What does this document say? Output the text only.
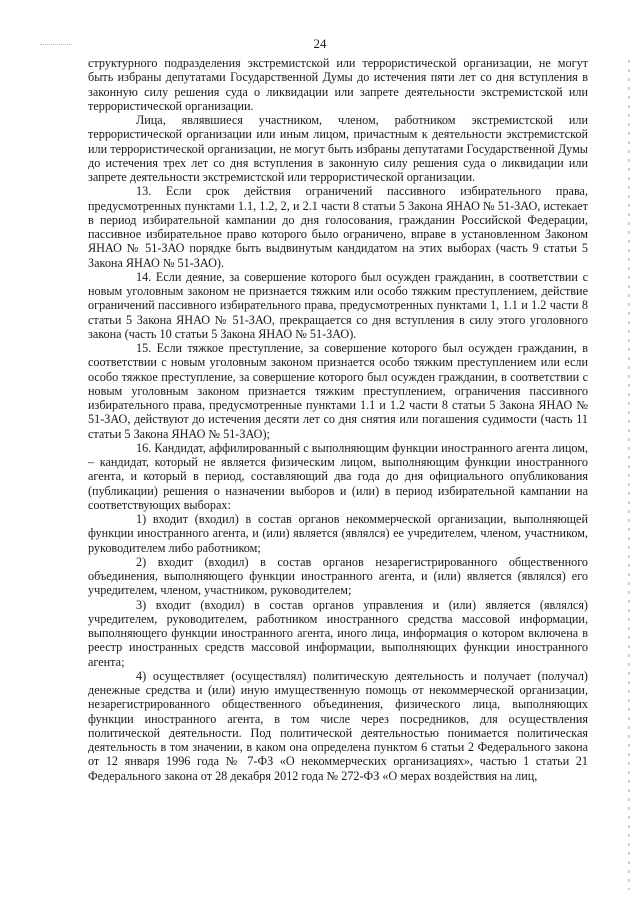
24

структурного подразделения экстремистской или террористической организации, не могут быть избраны депутатами Государственной Думы до истечения пяти лет со дня вступления в законную силу решения суда о ликвидации или запрете деятельности экстремистской или террористической организации.

Лица, являвшиеся участником, членом, работником экстремистской или террористической организации или иным лицом, причастным к деятельности экстремистской или террористической организации, не могут быть избраны депутатами Государственной Думы до истечения трех лет со дня вступления в законную силу решения суда о ликвидации или запрете деятельности экстремистской или террористической организации.

13. Если срок действия ограничений пассивного избирательного права, предусмотренных пунктами 1.1, 1.2, 2, и 2.1 части 8 статьи 5 Закона ЯНАО № 51-ЗАО, истекает в период избирательной кампании до дня голосования, гражданин Российской Федерации, пассивное избирательное право которого было ограничено, вправе в установленном Законом ЯНАО № 51-ЗАО порядке быть выдвинутым кандидатом на этих выборах (часть 9 статьи 5 Закона ЯНАО № 51-ЗАО).

14. Если деяние, за совершение которого был осужден гражданин, в соответствии с новым уголовным законом не признается тяжким или особо тяжким преступлением, действие ограничений пассивного избирательного права, предусмотренных пунктами 1, 1.1 и 1.2 части 8 статьи 5 Закона ЯНАО № 51-ЗАО, прекращается со дня вступления в силу этого уголовного закона (часть 10 статьи 5 Закона ЯНАО № 51-ЗАО).

15. Если тяжкое преступление, за совершение которого был осужден гражданин, в соответствии с новым уголовным законом признается особо тяжким преступлением или если особо тяжкое преступление, за совершение которого был осужден гражданин, в соответствии с новым уголовным законом признается тяжким преступлением, ограничения пассивного избирательного права, предусмотренные пунктами 1.1 и 1.2 части 8 статьи 5 Закона ЯНАО № 51-ЗАО, действуют до истечения десяти лет со дня снятия или погашения судимости (часть 11 статьи 5 Закона ЯНАО № 51-ЗАО);

16. Кандидат, аффилированный с выполняющим функции иностранного агента лицом, – кандидат, который не является физическим лицом, выполняющим функции иностранного агента, и который в период, составляющий два года до дня официального опубликования (публикации) решения о назначении выборов и (или) в период избирательной кампании на соответствующих выборах:

1) входит (входил) в состав органов некоммерческой организации, выполняющей функции иностранного агента, и (или) является (являлся) ее учредителем, членом, участником, руководителем либо работником;

2) входит (входил) в состав органов незарегистрированного общественного объединения, выполняющего функции иностранного агента, и (или) является (являлся) его учредителем, членом, участником, руководителем;

3) входит (входил) в состав органов управления и (или) является (являлся) учредителем, руководителем, работником иностранного средства массовой информации, выполняющего функции иностранного агента, иного лица, информация о котором включена в реестр иностранных средств массовой информации, выполняющих функции иностранного агента;

4) осуществляет (осуществлял) политическую деятельность и получает (получал) денежные средства и (или) иную имущественную помощь от некоммерческой организации, незарегистрированного общественного объединения, физического лица, выполняющих функции иностранного агента, в том числе через посредников, для осуществления политической деятельности. Под политической деятельностью понимается политическая деятельность в том значении, в каком она определена пунктом 6 статьи 2 Федерального закона от 12 января 1996 года № 7-ФЗ «О некоммерческих организациях», частью 1 статьи 21 Федерального закона от 28 декабря 2012 года № 272-ФЗ «О мерах воздействия на лиц,
